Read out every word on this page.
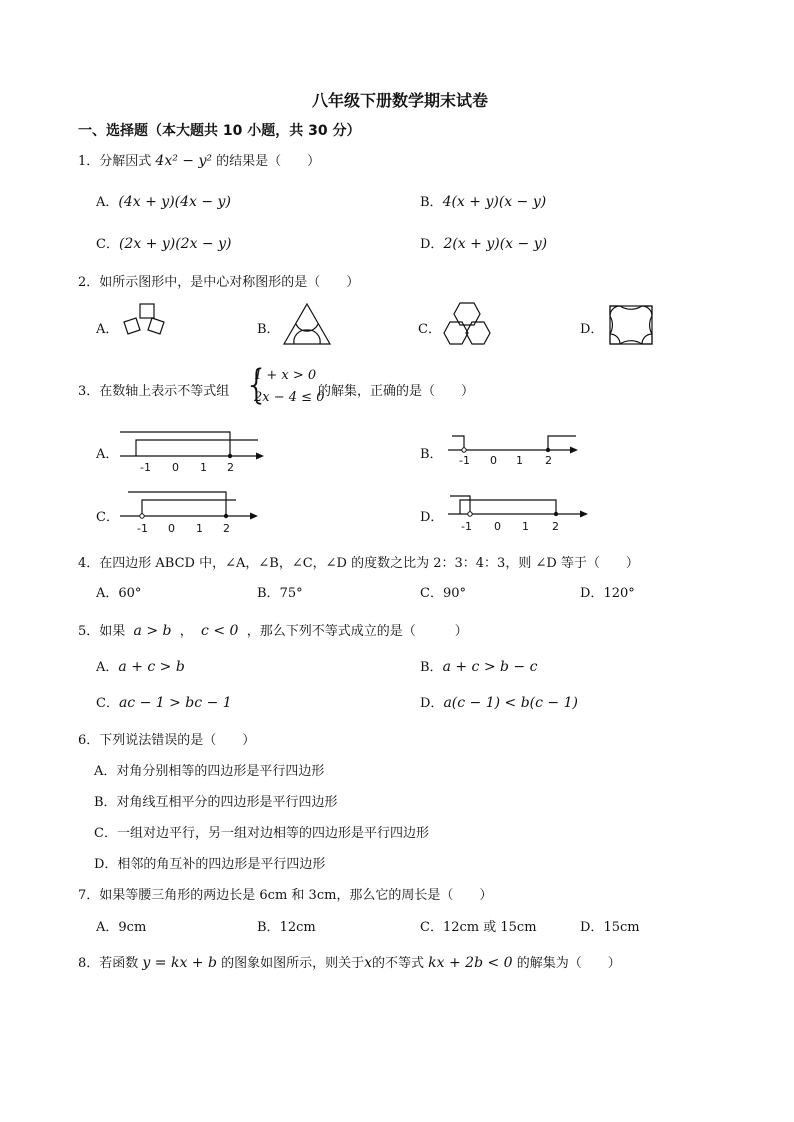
八年级下册数学期末试卷
一、选择题（本大题共 10 小题，共 30 分）
1．分解因式 4x² − y² 的结果是（　　）
A．(4x + y)(4x − y)	B．4(x + y)(x − y)
C．(2x + y)(2x − y)	D．2(x + y)(x − y)
2．如所示图形中，是中心对称图形的是（　　）
A．	B．	C．	D．
3．在数轴上表示不等式组 {
1 + x > 0
2x − 4 ≤ 0
的解集，正确的是（　　）
A．
-1 0 1 2
B． -1 0 1 2
C．
-1 0 1 2
D．
-1 0 1 2
4．在四边形 ABCD 中，∠A，∠B，∠C，∠D 的度数之比为 2：3：4：3，则 ∠D 等于（　　）
A．60°	B．75°	C．90°	D．120°
5．如果 a > b ， c < 0 ，那么下列不等式成立的是（　　　）
A．a + c > b	B．a + c > b − c
C．ac − 1 > bc − 1	D．a(c − 1) < b(c − 1)
6．下列说法错误的是（　　）
A．对角分别相等的四边形是平行四边形
B．对角线互相平分的四边形是平行四边形
C．一组对边平行，另一组对边相等的四边形是平行四边形
D．相邻的角互补的四边形是平行四边形
7．如果等腰三角形的两边长是 6cm 和 3cm，那么它的周长是（　　）
A．9cm	B．12cm	C．12cm 或 15cm	D．15cm
8．若函数 y = kx + b 的图象如图所示，则关于x的不等式 kx + 2b < 0 的解集为（　　）
